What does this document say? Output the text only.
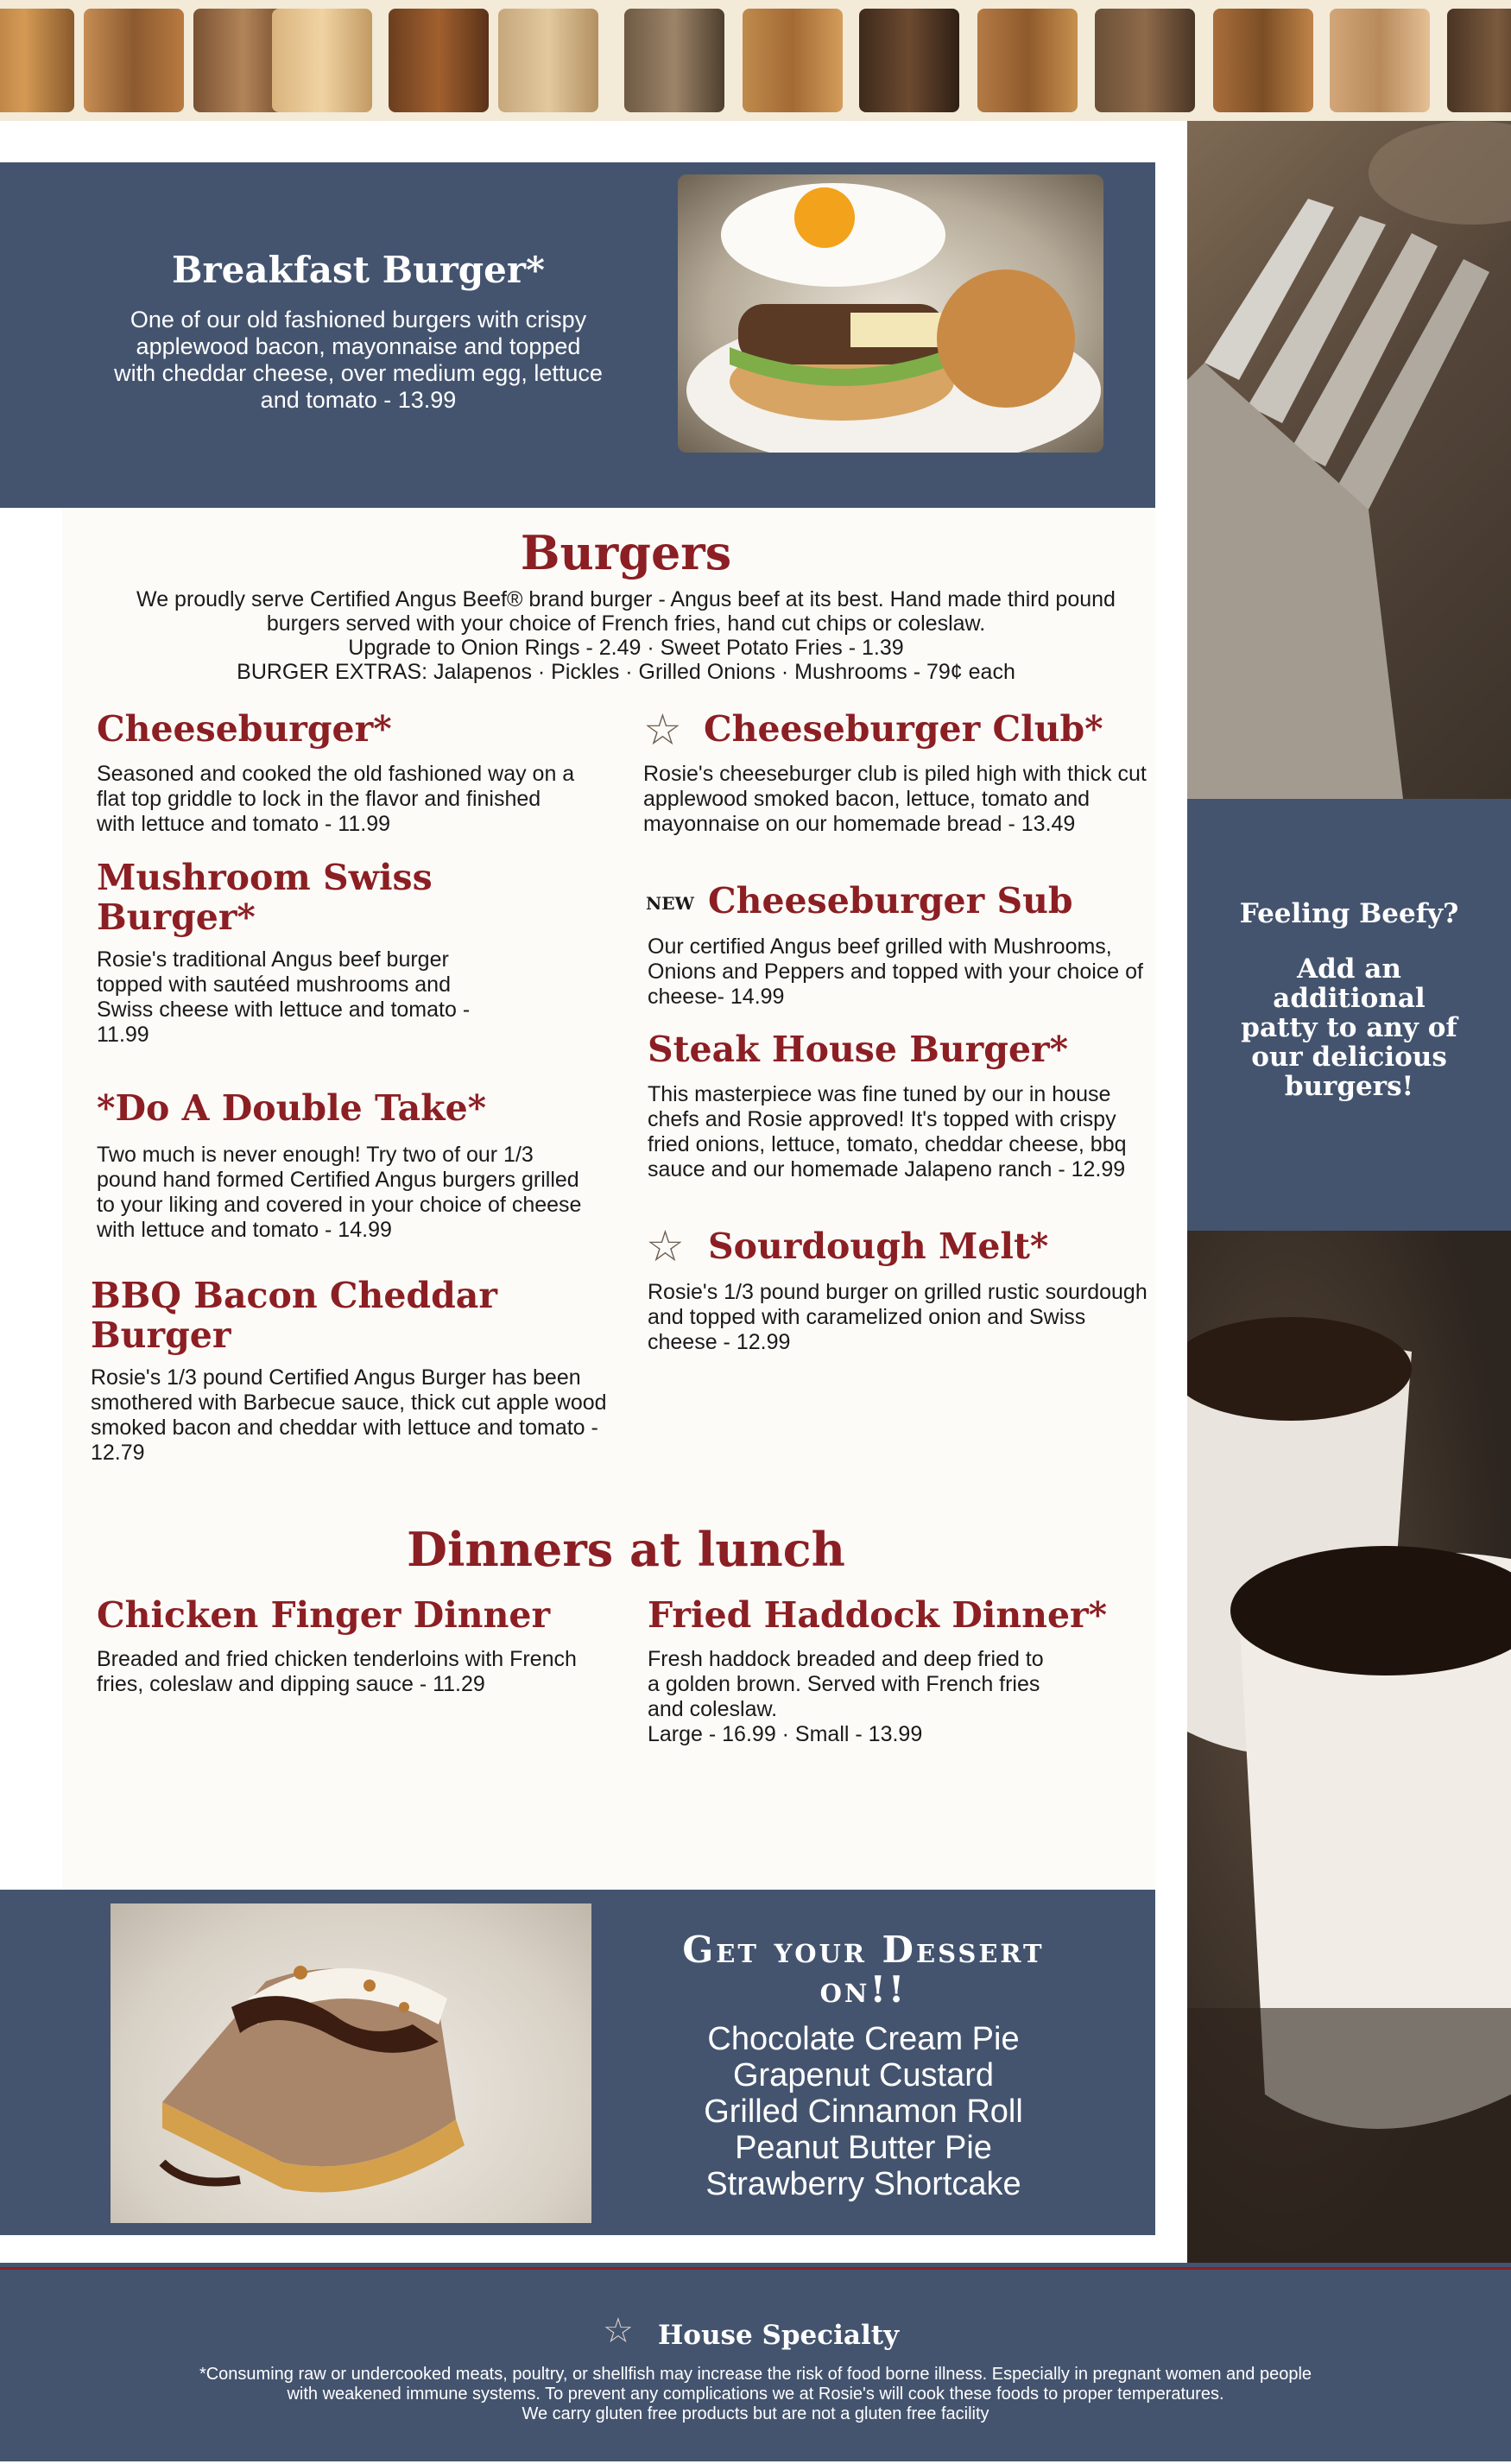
Feeling Beefy?
Add an additional patty to any of our delicious burgers!
Breakfast Burger*
One of our old fashioned burgers with crispy applewood bacon, mayonnaise and topped with cheddar cheese, over medium egg, lettuce and tomato - 13.99
Burgers
We proudly serve Certified Angus Beef® brand burger - Angus beef at its best. Hand made third pound
burgers served with your choice of French fries, hand cut chips or coleslaw.
Upgrade to Onion Rings - 2.49 · Sweet Potato Fries - 1.39
BURGER EXTRAS: Jalapenos · Pickles · Grilled Onions · Mushrooms - 79¢ each
Cheeseburger*
Seasoned and cooked the old fashioned way on a flat top griddle to lock in the flavor and finished with lettuce and tomato - 11.99
Mushroom Swiss Burger*
Rosie's traditional Angus beef burger topped with sautéed mushrooms and Swiss cheese with lettuce and tomato - 11.99
*Do A Double Take*
Two much is never enough! Try two of our 1/3 pound hand formed Certified Angus burgers grilled to your liking and covered in your choice of cheese with lettuce and tomato - 14.99
BBQ Bacon Cheddar Burger
Rosie's 1/3 pound Certified Angus Burger has been smothered with Barbecue sauce, thick cut apple wood smoked bacon and cheddar with lettuce and tomato - 12.79
☆ Cheeseburger Club*
Rosie's cheeseburger club is piled high with thick cut applewood smoked bacon, lettuce, tomato and mayonnaise on our homemade bread - 13.49
NEW Cheeseburger Sub
Our certified Angus beef grilled with Mushrooms, Onions and Peppers and topped with your choice of cheese- 14.99
Steak House Burger*
This masterpiece was fine tuned by our in house chefs and Rosie approved! It's topped with crispy fried onions, lettuce, tomato, cheddar cheese, bbq sauce and our homemade Jalapeno ranch - 12.99
☆ Sourdough Melt*
Rosie's 1/3 pound burger on grilled rustic sourdough and topped with caramelized onion and Swiss cheese - 12.99
Dinners at lunch
Chicken Finger Dinner
Breaded and fried chicken tenderloins with French fries, coleslaw and dipping sauce - 11.29
Fried Haddock Dinner*
Fresh haddock breaded and deep fried to a golden brown. Served with French fries and coleslaw.
Large - 16.99 · Small - 13.99
Get your Dessert on!!
Chocolate Cream Pie
Grapenut Custard
Grilled Cinnamon Roll
Peanut Butter Pie
Strawberry Shortcake
☆ House Specialty
*Consuming raw or undercooked meats, poultry, or shellfish may increase the risk of food borne illness. Especially in pregnant women and people
with weakened immune systems. To prevent any complications we at Rosie's will cook these foods to proper temperatures.
We carry gluten free products but are not a gluten free facility
